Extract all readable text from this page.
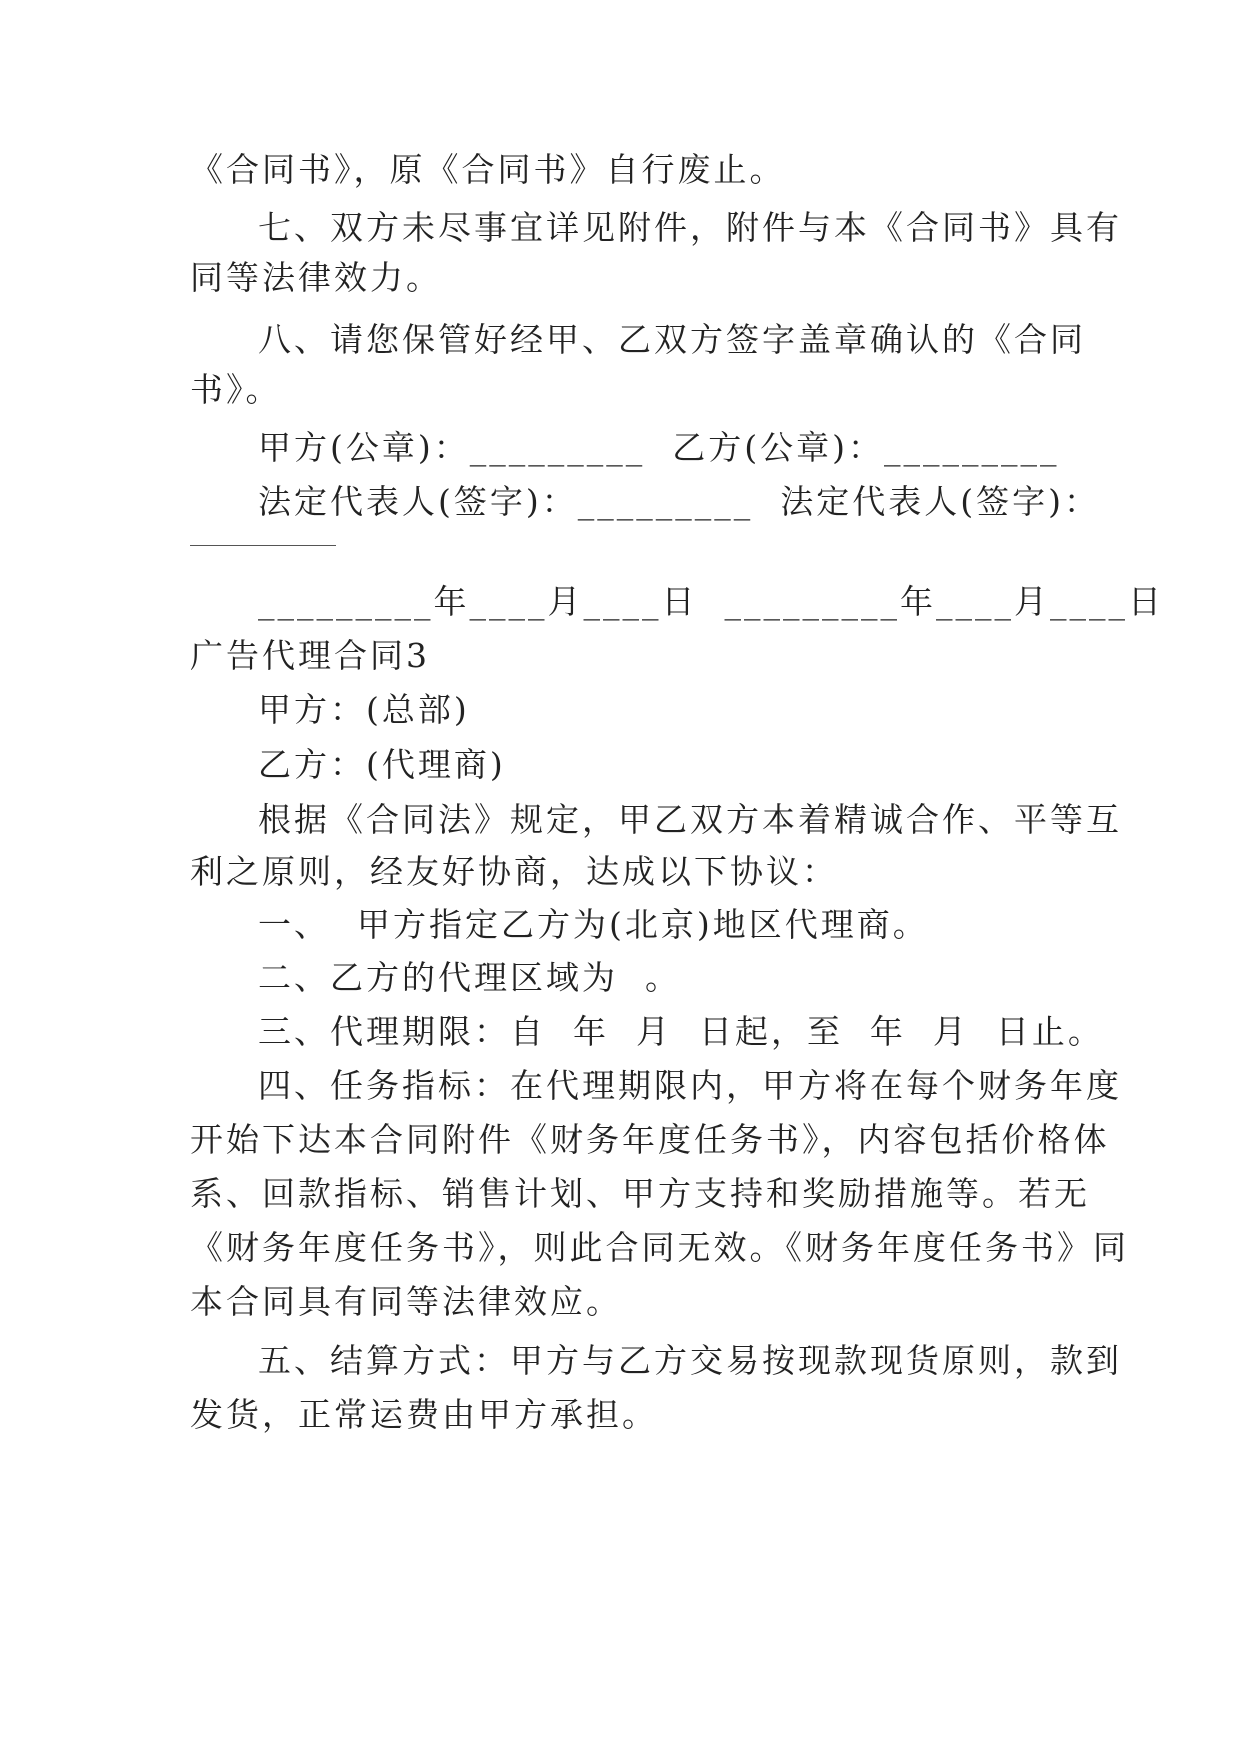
《合同书》，原《合同书》自行废止。
七、双方未尽事宜详见附件，附件与本《合同书》具有
同等法律效力。
八、请您保管好经甲、乙双方签字盖章确认的《合同
书》。
甲方(公章)：_________  乙方(公章)：_________
法定代表人(签字)：_________  法定代表人(签字)：
_________年____月____日  _________年____月____日
广告代理合同3
甲方：(总部)
乙方：(代理商)
根据《合同法》规定，甲乙双方本着精诚合作、平等互
利之原则，经友好协商，达成以下协议：
一、  甲方指定乙方为(北京)地区代理商。
二、乙方的代理区域为  。
三、代理期限：自  年  月  日起，至  年  月  日止。
四、任务指标：在代理期限内，甲方将在每个财务年度
开始下达本合同附件《财务年度任务书》，内容包括价格体
系、回款指标、销售计划、甲方支持和奖励措施等。若无
《财务年度任务书》，则此合同无效。《财务年度任务书》同
本合同具有同等法律效应。
五、结算方式：甲方与乙方交易按现款现货原则，款到
发货，正常运费由甲方承担。
